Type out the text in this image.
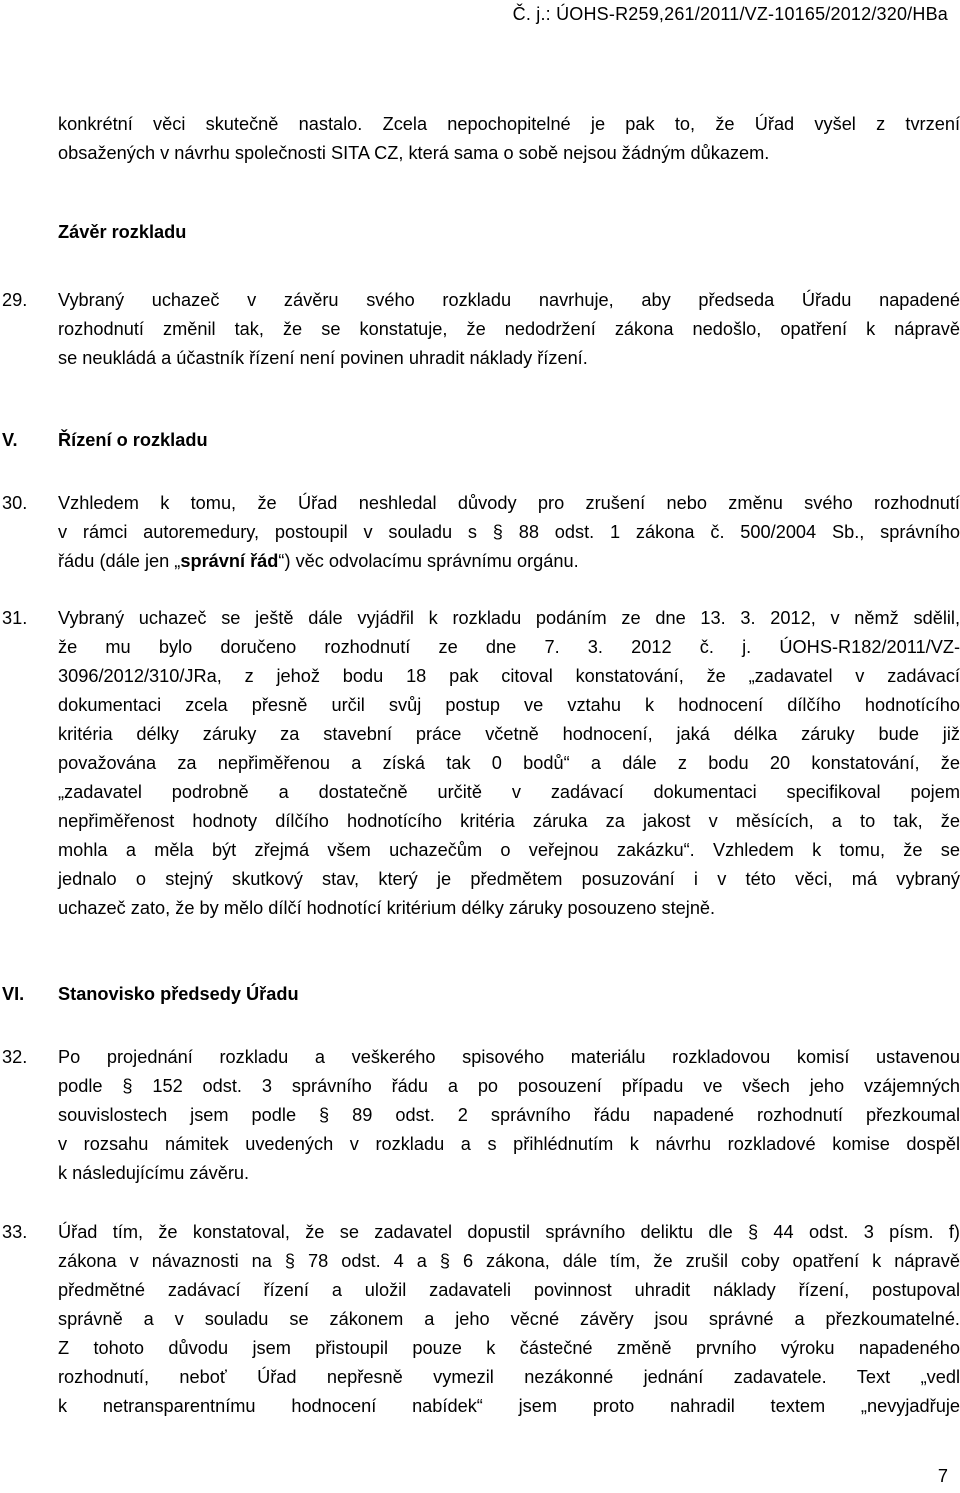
Č. j.: ÚOHS-R259,261/2011/VZ-10165/2012/320/HBa
konkrétní věci skutečně nastalo. Zcela nepochopitelné je pak to, že Úřad vyšel z tvrzení
obsažených v návrhu společnosti SITA CZ, která sama o sobě nejsou žádným důkazem.
Závěr rozkladu
29. Vybraný uchazeč v závěru svého rozkladu navrhuje, aby předseda Úřadu napadené
rozhodnutí změnil tak, že se konstatuje, že nedodržení zákona nedošlo, opatření k nápravě
se neukládá a účastník řízení není povinen uhradit náklady řízení.
V. Řízení o rozkladu
30. Vzhledem k tomu, že Úřad neshledal důvody pro zrušení nebo změnu svého rozhodnutí
v rámci autoremedury, postoupil v souladu s § 88 odst. 1 zákona č. 500/2004 Sb., správního
řádu (dále jen „správní řád“) věc odvolacímu správnímu orgánu.
31. Vybraný uchazeč se ještě dále vyjádřil k rozkladu podáním ze dne 13. 3. 2012, v němž sdělil,
že mu bylo doručeno rozhodnutí ze dne 7. 3. 2012 č. j. ÚOHS-R182/2011/VZ-
3096/2012/310/JRa, z jehož bodu 18 pak citoval konstatování, že „zadavatel v zadávací
dokumentaci zcela přesně určil svůj postup ve vztahu k hodnocení dílčího hodnotícího
kritéria délky záruky za stavební práce včetně hodnocení, jaká délka záruky bude již
považována za nepřiměřenou a získá tak 0 bodů“ a dále z bodu 20 konstatování, že
„zadavatel podrobně a dostatečně určitě v zadávací dokumentaci specifikoval pojem
nepřiměřenost hodnoty dílčího hodnotícího kritéria záruka za jakost v měsících, a to tak, že
mohla a měla být zřejmá všem uchazečům o veřejnou zakázku“. Vzhledem k tomu, že se
jednalo o stejný skutkový stav, který je předmětem posuzování i v této věci, má vybraný
uchazeč zato, že by mělo dílčí hodnotící kritérium délky záruky posouzeno stejně.
VI. Stanovisko předsedy Úřadu
32. Po projednání rozkladu a veškerého spisového materiálu rozkladovou komisí ustavenou
podle § 152 odst. 3 správního řádu a po posouzení případu ve všech jeho vzájemných
souvislostech jsem podle § 89 odst. 2 správního řádu napadené rozhodnutí přezkoumal
v rozsahu námitek uvedených v rozkladu a s přihlédnutím k návrhu rozkladové komise dospěl
k následujícímu závěru.
33. Úřad tím, že konstatoval, že se zadavatel dopustil správního deliktu dle § 44 odst. 3 písm. f)
zákona v návaznosti na § 78 odst. 4 a § 6 zákona, dále tím, že zrušil coby opatření k nápravě
předmětné zadávací řízení a uložil zadavateli povinnost uhradit náklady řízení, postupoval
správně a v souladu se zákonem a jeho věcné závěry jsou správné a přezkoumatelné.
Z tohoto důvodu jsem přistoupil pouze k částečné změně prvního výroku napadeného
rozhodnutí, neboť Úřad nepřesně vymezil nezákonné jednání zadavatele. Text „vedl
k netransparentnímu hodnocení nabídek“ jsem proto nahradil textem „nevyjadřuje
7
